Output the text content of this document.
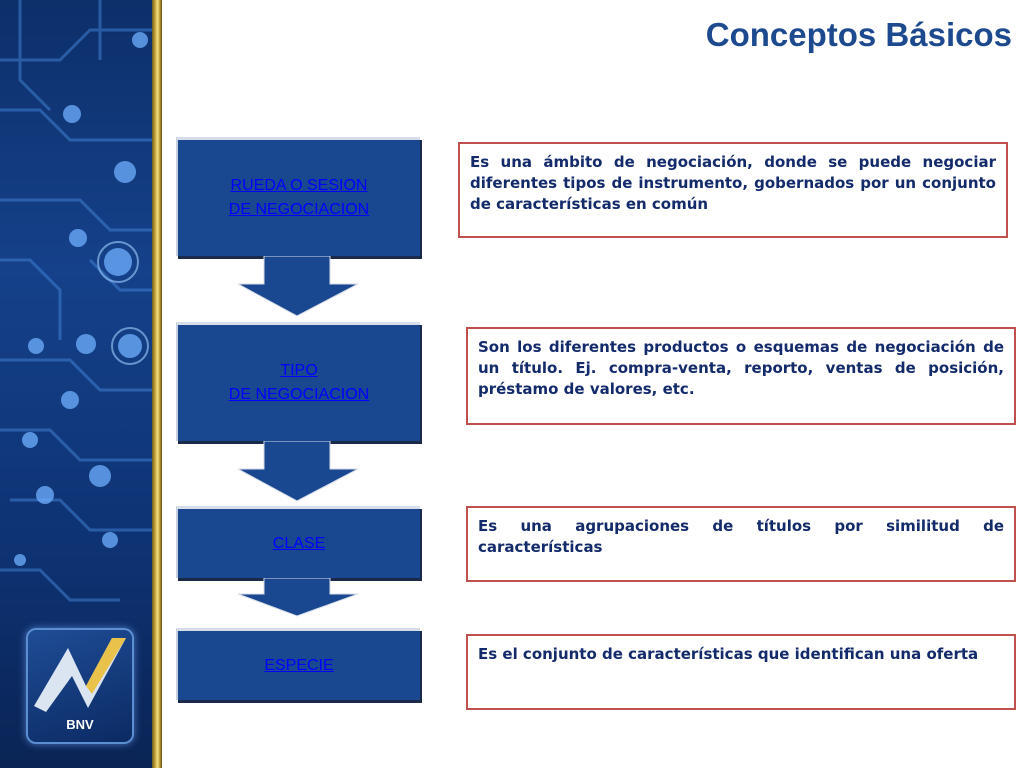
BNV
Conceptos Básicos
RUEDA O SESION
DE NEGOCIACION
TIPO
DE NEGOCIACION
CLASE
ESPECIE
Es una ámbito de negociación, donde se puede negociar diferentes tipos de instrumento, gobernados por un conjunto de características en común
Son los diferentes productos o esquemas de negociación de un título. Ej. compra-venta, reporto, ventas de posición, préstamo de valores, etc.
Es una agrupaciones de títulos por similitud de características
Es el conjunto de características que identifican una oferta
